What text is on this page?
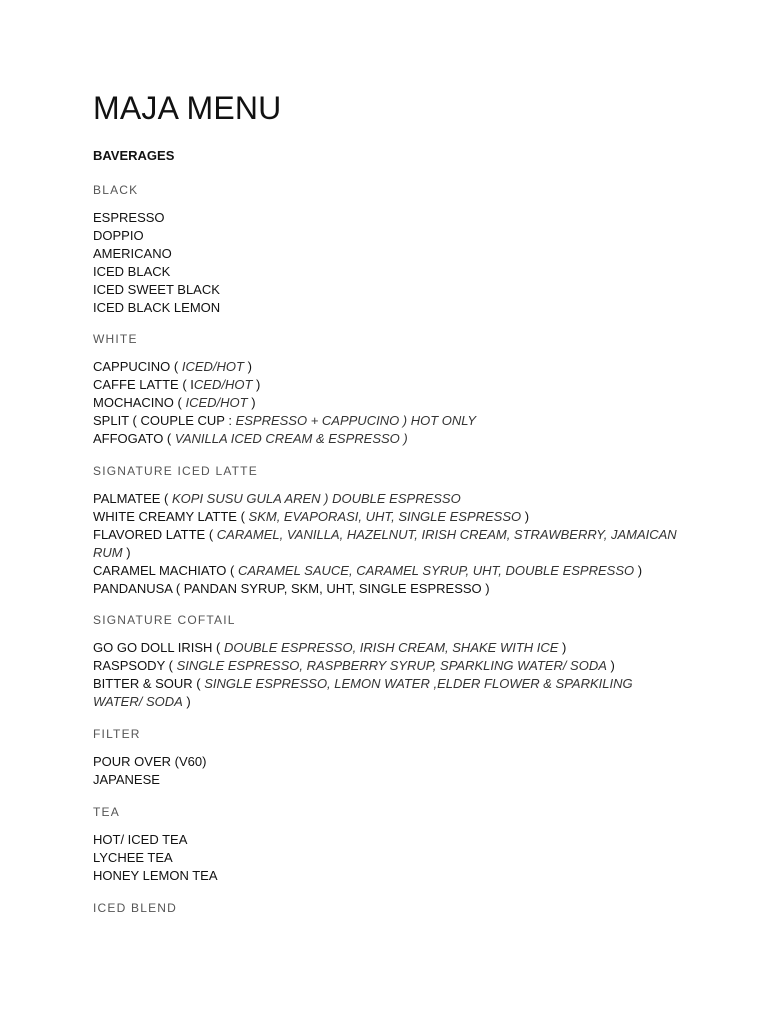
MAJA MENU
BAVERAGES
BLACK
ESPRESSO
DOPPIO
AMERICANO
ICED BLACK
ICED SWEET BLACK
ICED BLACK LEMON
WHITE
CAPPUCINO ( ICED/HOT )
CAFFE LATTE ( ICED/HOT )
MOCHACINO ( ICED/HOT )
SPLIT ( COUPLE CUP : ESPRESSO + CAPPUCINO ) HOT ONLY
AFFOGATO ( VANILLA ICED CREAM & ESPRESSO )
SIGNATURE ICED LATTE
PALMATEE ( KOPI SUSU GULA AREN ) DOUBLE ESPRESSO
WHITE CREAMY LATTE ( SKM, EVAPORASI, UHT, SINGLE ESPRESSO )
FLAVORED LATTE ( CARAMEL, VANILLA, HAZELNUT, IRISH CREAM, STRAWBERRY, JAMAICAN RUM )
CARAMEL MACHIATO ( CARAMEL SAUCE, CARAMEL SYRUP, UHT, DOUBLE ESPRESSO )
PANDANUSA ( PANDAN SYRUP, SKM, UHT, SINGLE ESPRESSO )
SIGNATURE COFTAIL
GO GO DOLL IRISH ( DOUBLE ESPRESSO, IRISH CREAM, SHAKE WITH ICE )
RASPSODY ( SINGLE ESPRESSO, RASPBERRY SYRUP, SPARKLING WATER/ SODA )
BITTER & SOUR ( SINGLE ESPRESSO, LEMON WATER ,ELDER FLOWER & SPARKILING WATER/ SODA )
FILTER
POUR OVER (V60)
JAPANESE
TEA
HOT/ ICED TEA
LYCHEE TEA
HONEY LEMON TEA
ICED BLEND
